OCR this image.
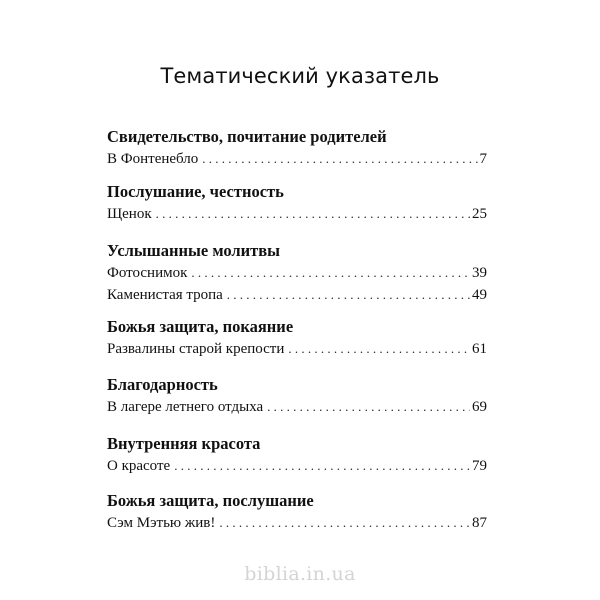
Тематический указатель
Свидетельство, почитание родителей
В Фонтенебло . . .	7
Послушание, честность
Щенок . . .	25
Услышанные молитвы
Фотоснимок . . .	39
Каменистая тропа . . .	49
Божья защита, покаяние
Развалины старой крепости . . .	61
Благодарность
В лагере летнего отдыха . . .	69
Внутренняя красота
О красоте . . .	79
Божья защита, послушание
Сэм Мэтью жив! . . .	87
biblia.in.ua
